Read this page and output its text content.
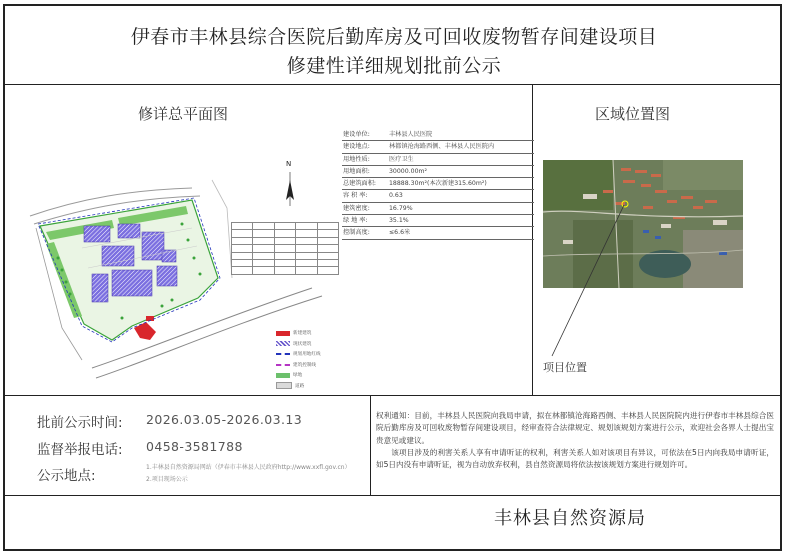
伊春市丰林县综合医院后勤库房及可回收废物暂存间建设项目
修建性详细规划批前公示
修详总平面图	区域位置图
N

新建建筑
现状建筑
规划用地红线
建筑控制线
绿地
道路
建设单位:	丰林县人民医院
建设地点:	林都镇沧海路西侧、丰林县人民医院内
用地性质:	医疗卫生
用地面积:	30000.00m²
总建筑面积: 18888.30m²(本次新建315.60m²)
容 积 率:	0.63
建筑密度:	16.79%
绿 地 率:	35.1%
控制高度:	≤6.6米
项目位置
批前公示时间: 2026.03.05-2026.03.13
监督举报电话: 0458-3581788
公示地点:
1.丰林县自然资源局网站（伊春市丰林县人民政府http://www.xxfl.gov.cn）
2.项目现场公示

权利通知：目前，丰林县人民医院向我局申请，拟在林都镇沧海路西侧、丰林县人民医院院内进行伊春市丰林县综合医院后勤库房及可回收废物暂存间建设项目，经审查符合法律规定、规划该规划方案进行公示，欢迎社会各界人士提出宝贵意见或建议。

该项目涉及的利害关系人享有申请听证的权利，利害关系人如对该项目有异议，可依法在5日内向我局申请听证，如5日内没有申请听证，视为自动放弃权利，县自然资源局将依法按该规划方案进行规划许可。

丰林县自然资源局
